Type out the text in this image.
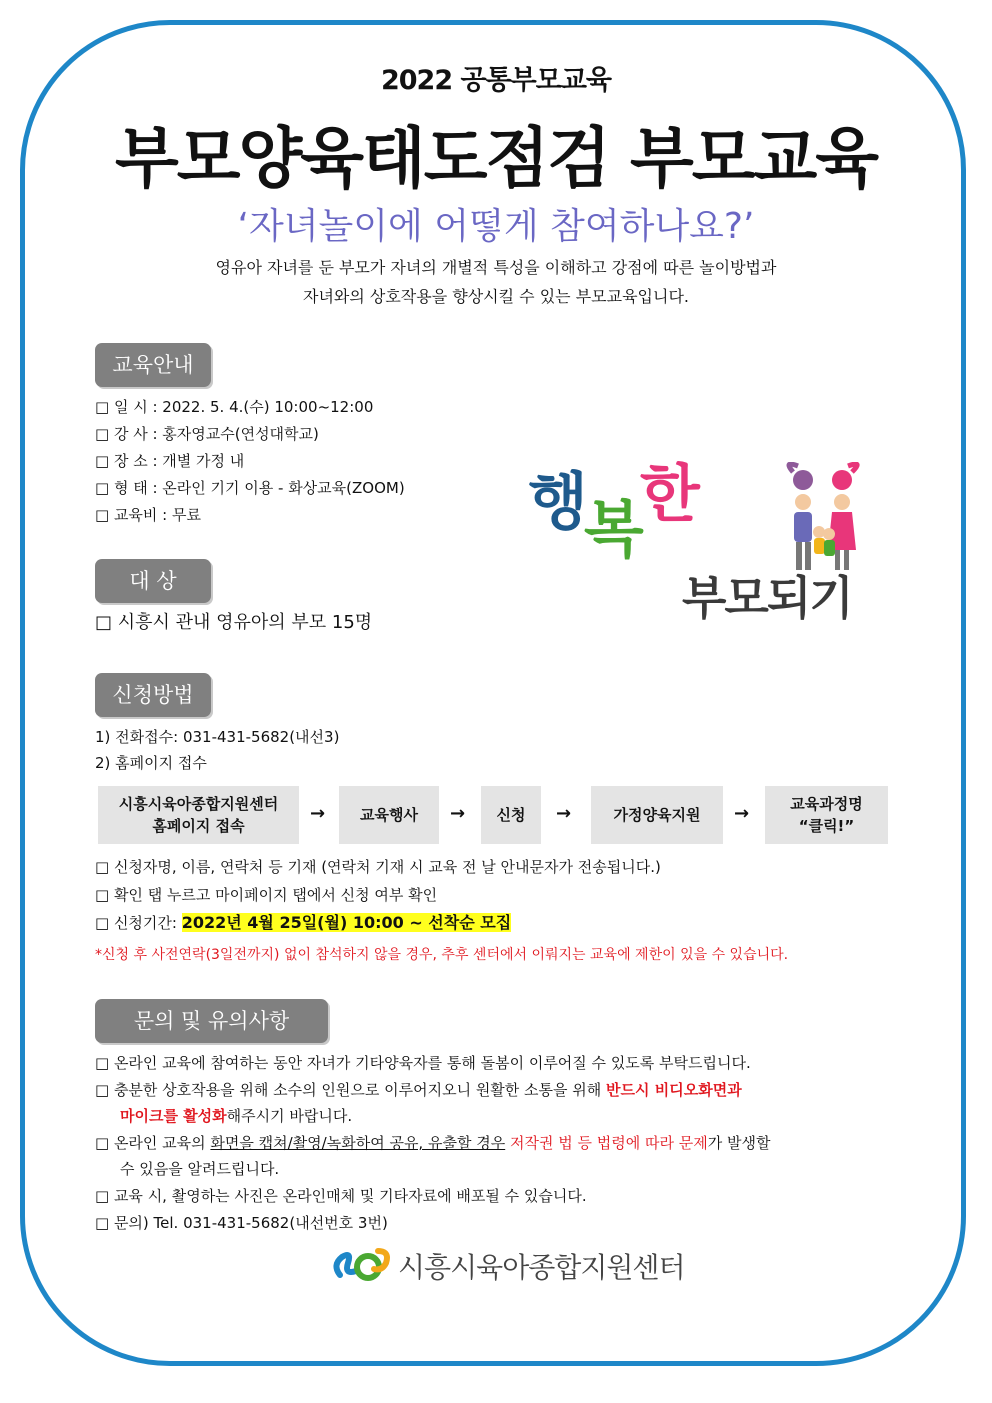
2022 공통부모교육
부모양육태도점검 부모교육
‘자녀놀이에 어떻게 참여하나요?’
영유아 자녀를 둔 부모가 자녀의 개별적 특성을 이해하고 강점에 따른 놀이방법과
자녀와의 상호작용을 향상시킬 수 있는 부모교육입니다.
교육안내
□ 일 시 : 2022. 5. 4.(수) 10:00~12:00
□ 강 사 : 홍자영교수(연성대학교)
□ 장 소 : 개별 가정 내
□ 형 태 : 온라인 기기 이용 - 화상교육(ZOOM)
□ 교육비 : 무료	행복한
부모되기
대 상
□ 시흥시 관내 영유아의 부모 15명
신청방법
1) 전화접수: 031-431-5682(내선3)
2) 홈페이지 접수
시흥시육아종합지원센터
홈페이지 접속
→	교육행사	→	신청	→	가정양육지원	→	교육과정명
“클릭!”
□ 신청자명, 이름, 연락처 등 기재 (연락처 기재 시 교육 전 날 안내문자가 전송됩니다.)
□ 확인 탭 누르고 마이페이지 탭에서 신청 여부 확인
□ 신청기간: 2022년 4월 25일(월) 10:00 ~ 선착순 모집
*신청 후 사전연락(3일전까지) 없이 참석하지 않을 경우, 추후 센터에서 이뤄지는 교육에 제한이 있을 수 있습니다.
문의 및 유의사항
□ 온라인 교육에 참여하는 동안 자녀가 기타양육자를 통해 돌봄이 이루어질 수 있도록 부탁드립니다.
□ 충분한 상호작용을 위해 소수의 인원으로 이루어지오니 원활한 소통을 위해 반드시 비디오화면과
마이크를 활성화해주시기 바랍니다.
□ 온라인 교육의 화면을 캡쳐/촬영/녹화하여 공유, 유출할 경우 저작권 법 등 법령에 따라 문제가 발생할
수 있음을 알려드립니다.
□ 교육 시, 촬영하는 사진은 온라인매체 및 기타자료에 배포될 수 있습니다.
□ 문의) Tel. 031-431-5682(내선번호 3번)
시흥시육아종합지원센터
